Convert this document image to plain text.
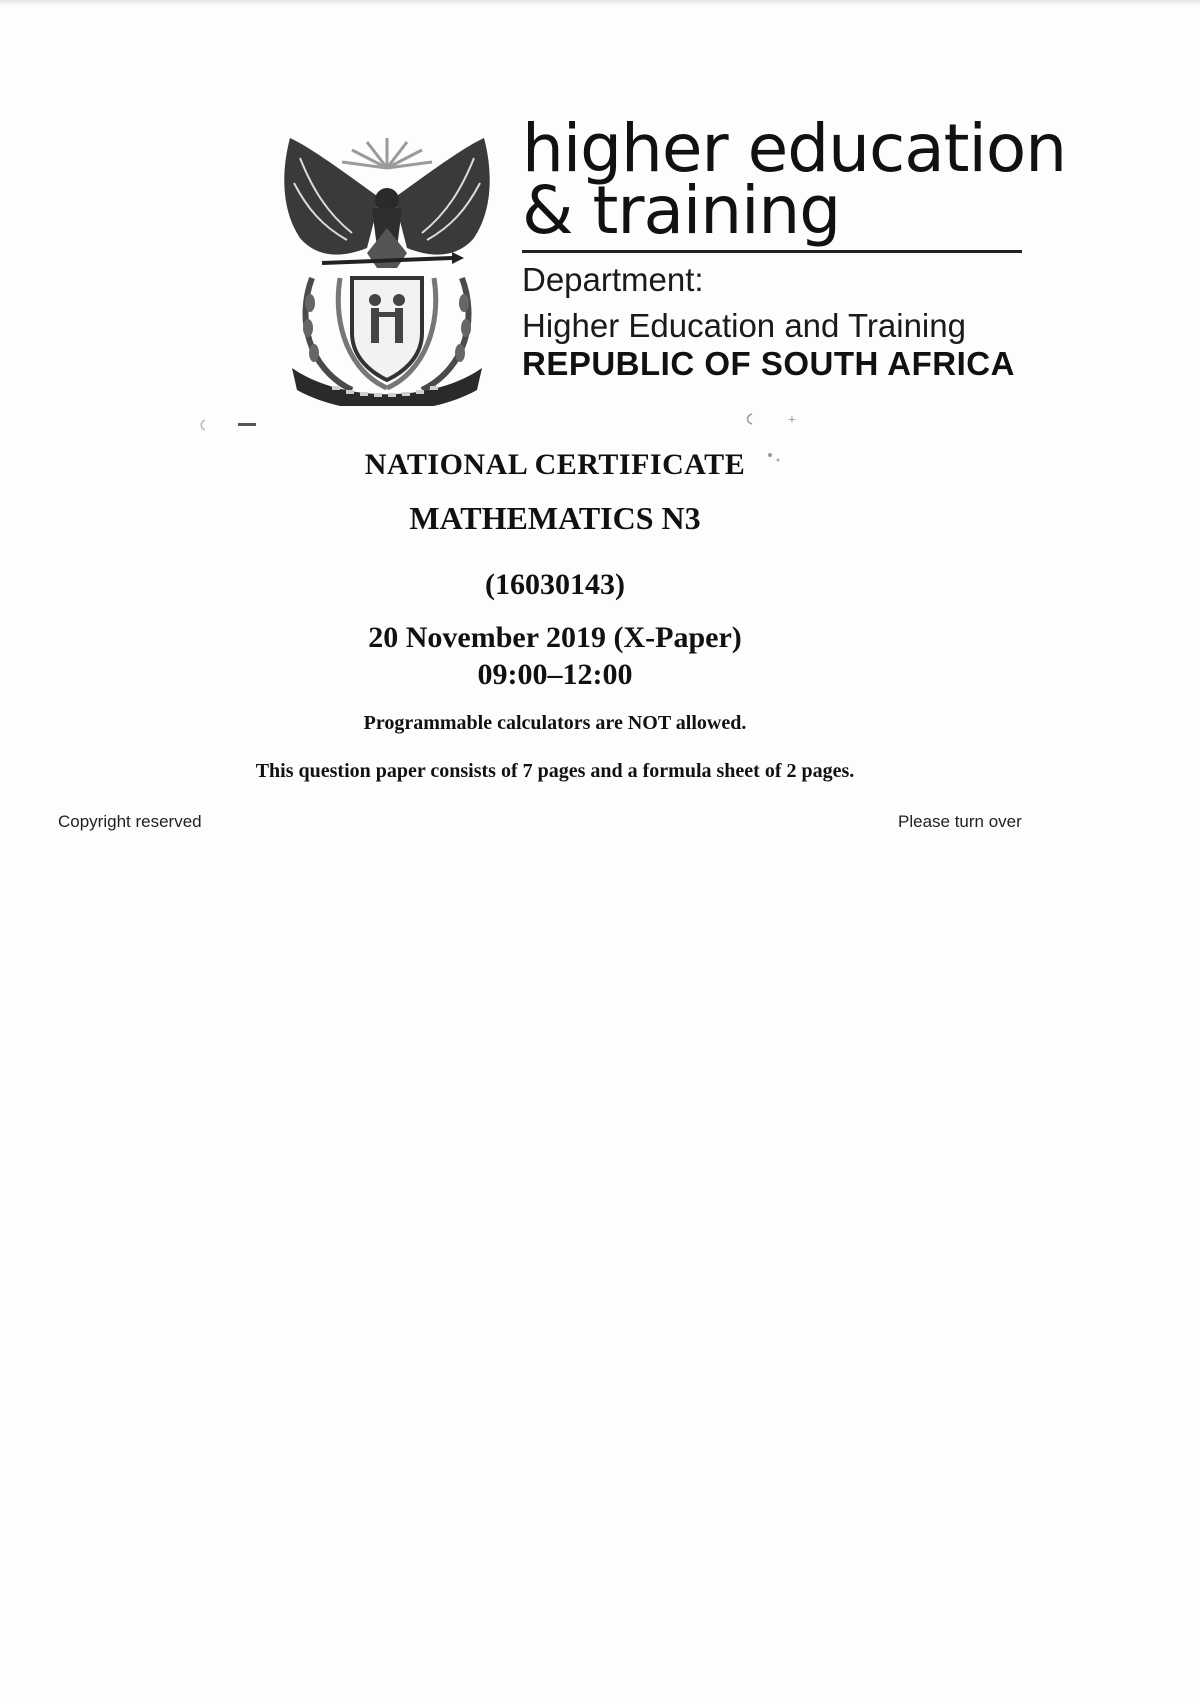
higher education
& training
Department:
Higher Education and Training
REPUBLIC OF SOUTH AFRICA
+
NATIONAL CERTIFICATE
MATHEMATICS N3
(16030143)
20 November 2019 (X-Paper)
09:00–12:00
Programmable calculators are NOT allowed.
This question paper consists of 7 pages and a formula sheet of 2 pages.
Copyright reserved	Please turn over
